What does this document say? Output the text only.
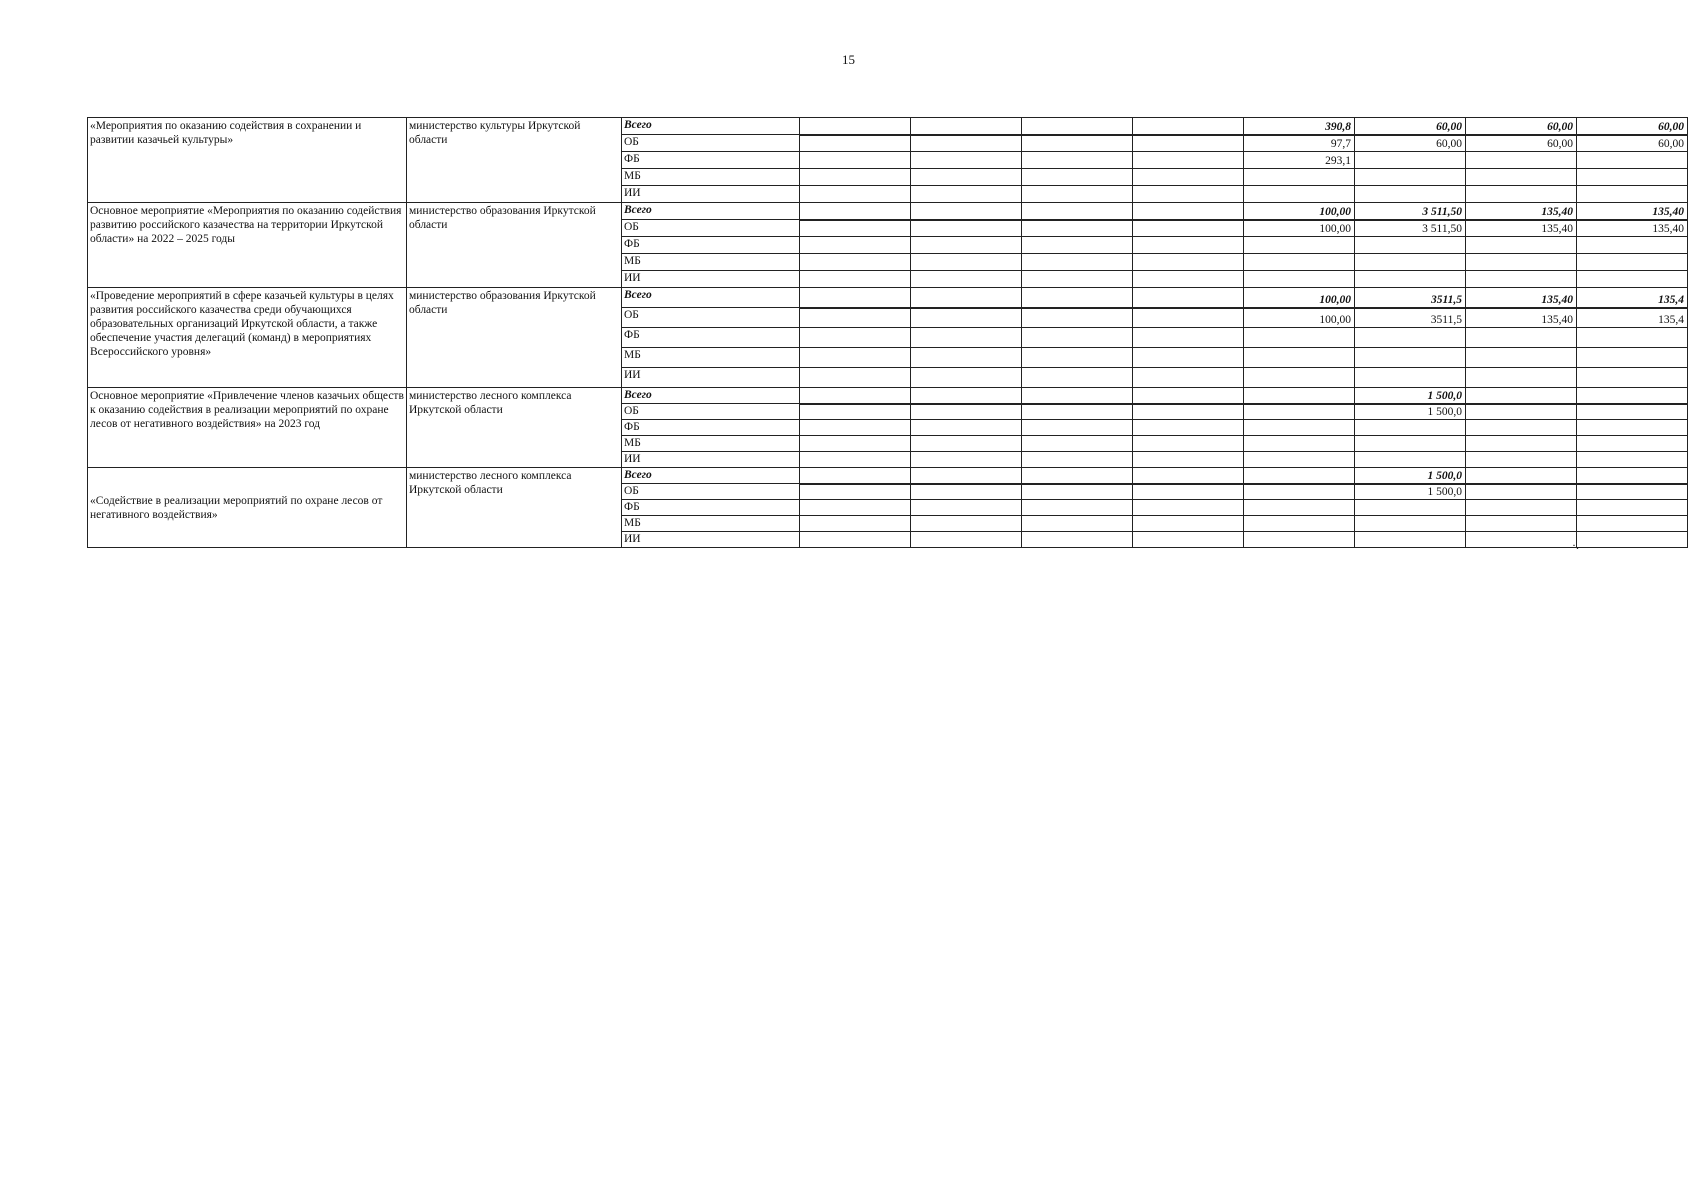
15
«Мероприятия по оказанию содействия в сохранении и развитии казачьей культуры»	министерство культуры Иркутской области	Всего					390,8	60,00	60,00	60,00
		ОБ					97,7	60,00	60,00	60,00
		ФБ					293,1			
		МБ								
		ИИ								
Основное мероприятие «Мероприятия по оказанию содействия развитию российского казачества на территории Иркутской области» на 2022 – 2025 годы	министерство образования Иркутской области	Всего					100,00	3 511,50	135,40	135,40
		ОБ					100,00	3 511,50	135,40	135,40
		ФБ								
		МБ								
		ИИ								
«Проведение мероприятий в сфере казачьей культуры в целях развития российского казачества среди обучающихся образовательных организаций Иркутской области, а также обеспечение участия делегаций (команд) в мероприятиях Всероссийского уровня»	министерство образования Иркутской области	Всего					100,00	3511,5	135,40	135,4
		ОБ					100,00	3511,5	135,40	135,4
		ФБ								
		МБ								
		ИИ								
Основное мероприятие «Привлечение членов казачьих обществ к оказанию содействия в реализации мероприятий по охране лесов от негативного воздействия» на 2023 год	министерство лесного комплекса Иркутской области	Всего						1 500,0		
		ОБ						1 500,0		
		ФБ								
		МБ								
		ИИ								
«Содействие в реализации мероприятий по охране лесов от негативного воздействия»	министерство лесного комплекса Иркутской области	Всего						1 500,0		
		ОБ						1 500,0		
		ФБ								
		МБ								
		ИИ									·.
